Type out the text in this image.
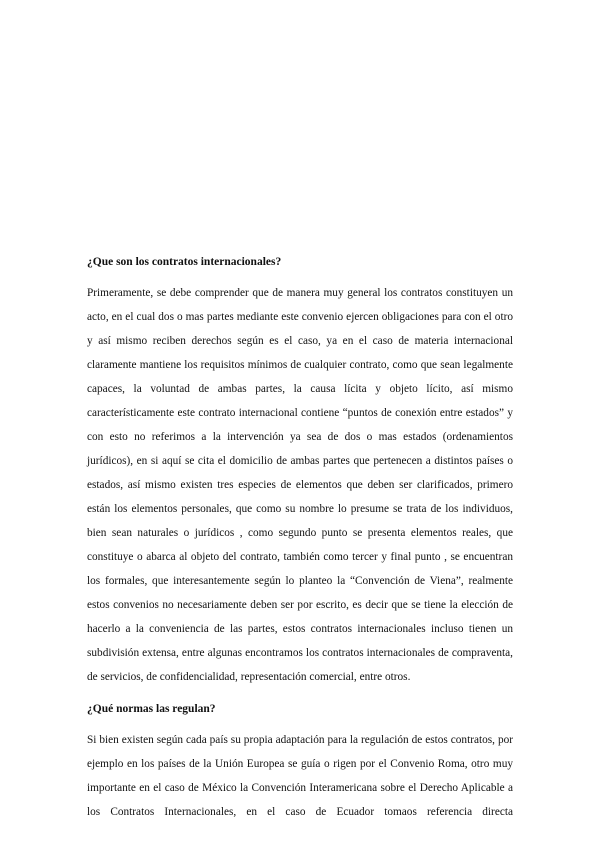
¿Que son los contratos internacionales?

Primeramente, se debe comprender que de manera muy general los contratos constituyen un acto, en el cual dos o mas partes mediante este convenio ejercen obligaciones para con el otro y así mismo reciben derechos según es el caso, ya en el caso de materia internacional claramente mantiene los requisitos mínimos de cualquier contrato, como que sean legalmente capaces, la voluntad de ambas partes, la causa lícita y objeto lícito, así mismo característicamente este contrato internacional contiene “puntos de conexión entre estados” y con esto no referimos a la intervención ya sea de dos o mas estados (ordenamientos jurídicos), en si aquí se cita el domicilio de ambas partes que pertenecen a distintos países o estados, así mismo existen tres especies de elementos que deben ser clarificados, primero están los elementos personales, que como su nombre lo presume se trata de los individuos, bien sean naturales o jurídicos , como segundo punto se presenta elementos reales, que constituye o abarca al objeto del contrato, también como tercer y final punto , se encuentran los formales, que interesantemente según lo planteo la “Convención de Viena”, realmente estos convenios no necesariamente deben ser por escrito, es decir que se tiene la elección de hacerlo a la conveniencia de las partes, estos contratos internacionales incluso tienen un subdivisión extensa, entre algunas encontramos los contratos internacionales de compraventa, de servicios, de confidencialidad, representación comercial, entre otros.

¿Qué normas las regulan?

Si bien existen según cada país su propia adaptación para la regulación de estos contratos, por ejemplo en los países de la Unión Europea se guía o rigen por el Convenio Roma, otro muy importante en el caso de México la Convención Interamericana sobre el Derecho Aplicable a los Contratos Internacionales, en el caso de Ecuador tomaos referencia directa
